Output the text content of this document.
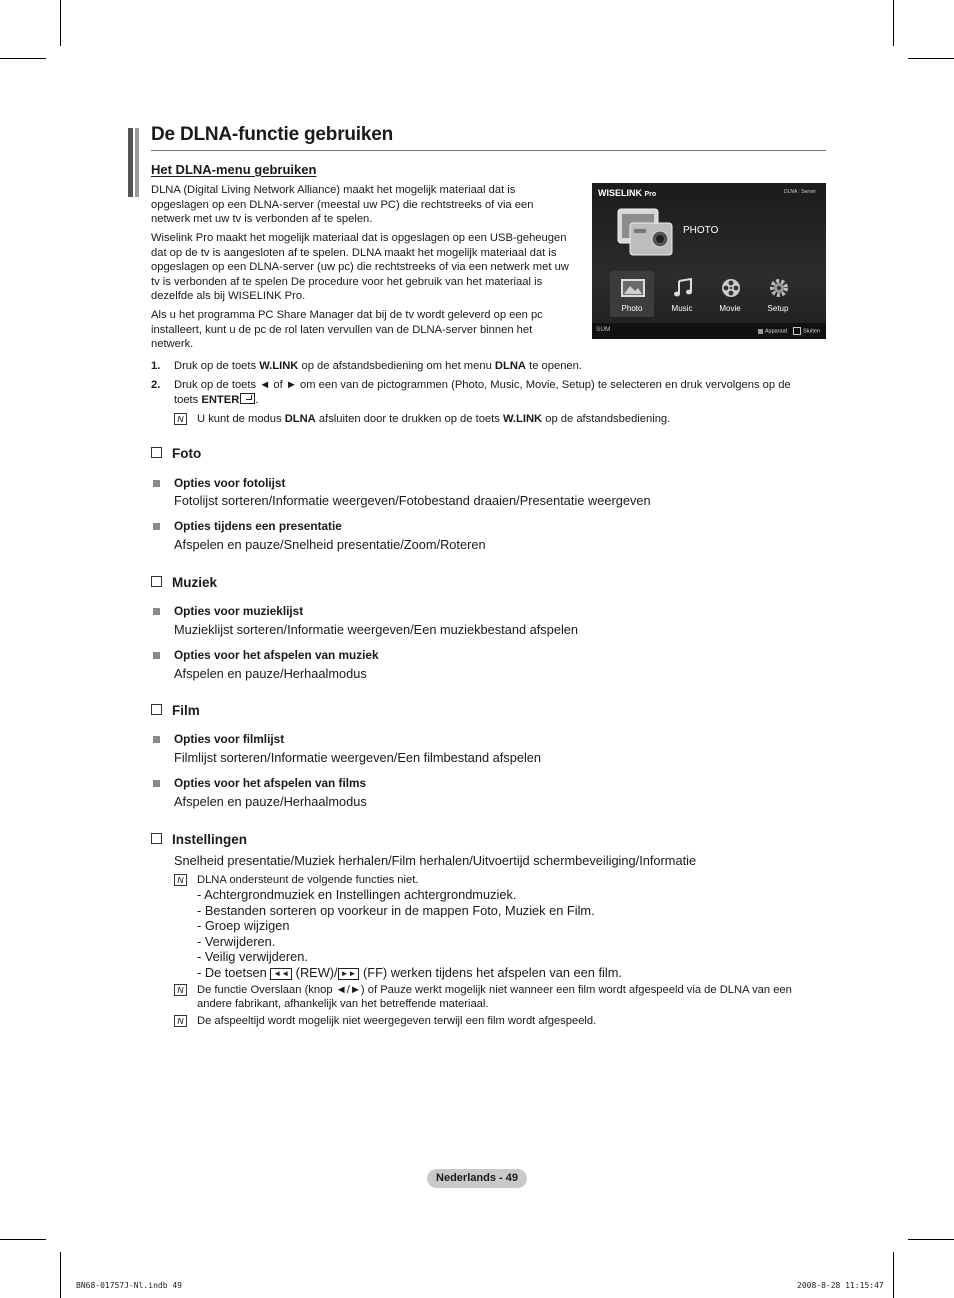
De DLNA-functie gebruiken
Het DLNA-menu gebruiken

DLNA (Digital Living Network Alliance) maakt het mogelijk materiaal dat is opgeslagen op een DLNA-server (meestal uw PC) die rechtstreeks of via een netwerk met uw tv is verbonden af te spelen.

Wiselink Pro maakt het mogelijk materiaal dat is opgeslagen op een USB-geheugen dat op de tv is aangesloten af te spelen. DLNA maakt het mogelijk materiaal dat is opgeslagen op een DLNA-server (uw pc) die rechtstreeks of via een netwerk met uw tv is verbonden af te spelen De procedure voor het gebruik van het materiaal is dezelfde als bij WISELINK Pro.

Als u het programma PC Share Manager dat bij de tv wordt geleverd op een pc installeert, kunt u de pc de rol laten vervullen van de DLNA-server binnen het netwerk.

WISELINK Pro	DLNA : Server
PHOTO
Photo	Music	Movie	Setup
SUM	Apparaat	Sluiten
1. Druk op de toets W.LINK op de afstandsbediening om het menu DLNA te openen.
2. Druk op de toets ◄ of ► om een van de pictogrammen (Photo, Music, Movie, Setup) te selecteren en druk vervolgens op de
toets ENTER .
N U kunt de modus DLNA afsluiten door te drukken op de toets W.LINK op de afstandsbediening.
Foto
Opties voor fotolijst
Fotolijst sorteren/Informatie weergeven/Fotobestand draaien/Presentatie weergeven
Opties tijdens een presentatie
Afspelen en pauze/Snelheid presentatie/Zoom/Roteren
Muziek
Opties voor muzieklijst
Muzieklijst sorteren/Informatie weergeven/Een muziekbestand afspelen
Opties voor het afspelen van muziek
Afspelen en pauze/Herhaalmodus
Film
Opties voor filmlijst
Filmlijst sorteren/Informatie weergeven/Een filmbestand afspelen
Opties voor het afspelen van films
Afspelen en pauze/Herhaalmodus
Instellingen
Snelheid presentatie/Muziek herhalen/Film herhalen/Uitvoertijd schermbeveiliging/Informatie
N DLNA ondersteunt de volgende functies niet.
- Achtergrondmuziek en Instellingen achtergrondmuziek.
- Bestanden sorteren op voorkeur in de mappen Foto, Muziek en Film.
- Groep wijzigen
- Verwijderen.
- Veilig verwijderen.
- De toetsen ◄◄ (REW)/ ►► (FF) werken tijdens het afspelen van een film.
N De functie Overslaan (knop ◄/►) of Pauze werkt mogelijk niet wanneer een film wordt afgespeeld via de DLNA van een andere fabrikant, afhankelijk van het betreffende materiaal.
N De afspeeltijd wordt mogelijk niet weergegeven terwijl een film wordt afgespeeld.
Nederlands - 49
BN68-01757J-Nl.indb 49	2008-8-28 11:15:47
